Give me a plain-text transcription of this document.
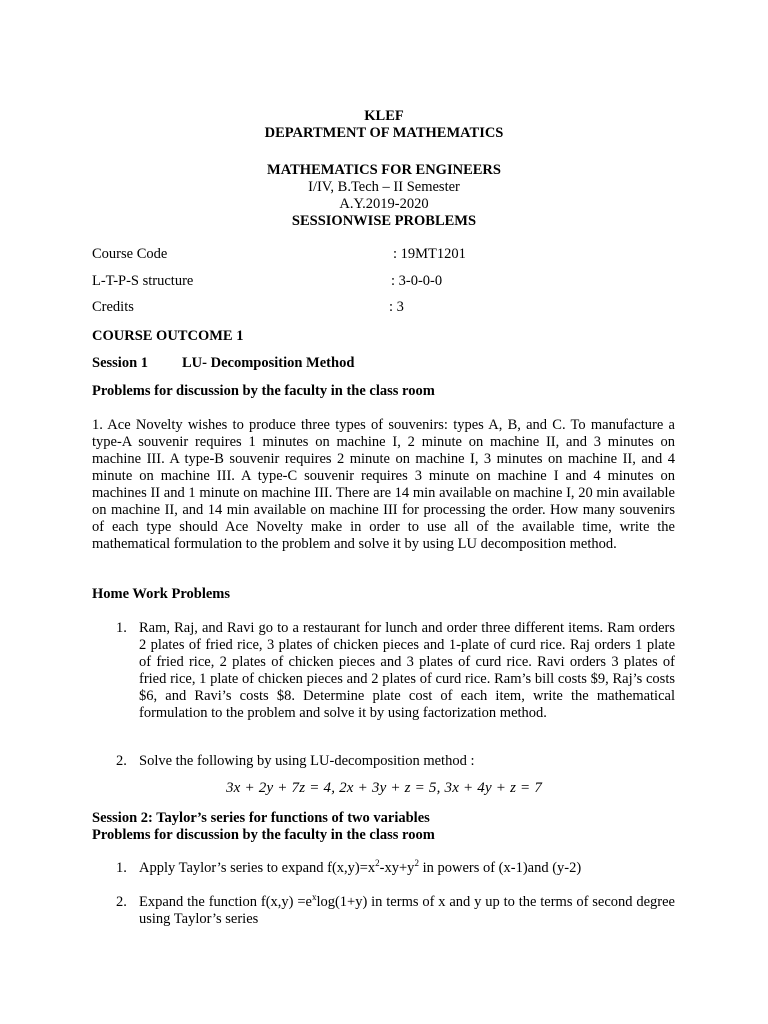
KLEF
DEPARTMENT OF MATHEMATICS
MATHEMATICS FOR ENGINEERS
I/IV, B.Tech – II Semester
A.Y.2019-2020
SESSIONWISE PROBLEMS
Course Code	: 19MT1201
L-T-P-S structure	: 3-0-0-0
Credits	: 3
COURSE OUTCOME 1
Session 1 LU- Decomposition Method
Problems for discussion by the faculty in the class room
1. Ace Novelty wishes to produce three types of souvenirs: types A, B, and C. To manufacture a type-A souvenir requires 1 minutes on machine I, 2 minute on machine II, and 3 minutes on machine III. A type-B souvenir requires 2 minute on machine I, 3 minutes on machine II, and 4 minute on machine III. A type-C souvenir requires 3 minute on machine I and 4 minutes on machines II and 1 minute on machine III. There are 14 min available on machine I, 20 min available on machine II, and 14 min available on machine III for processing the order. How many souvenirs of each type should Ace Novelty make in order to use all of the available time, write the mathematical formulation to the problem and solve it by using LU decomposition method.
Home Work Problems
1. Ram, Raj, and Ravi go to a restaurant for lunch and order three different items. Ram orders 2 plates of fried rice, 3 plates of chicken pieces and 1-plate of curd rice. Raj orders 1 plate of fried rice, 2 plates of chicken pieces and 3 plates of curd rice. Ravi orders 3 plates of fried rice, 1 plate of chicken pieces and 2 plates of curd rice. Ram’s bill costs $9, Raj’s costs $6, and Ravi’s costs $8. Determine plate cost of each item, write the mathematical formulation to the problem and solve it by using factorization method.
2. Solve the following by using LU-decomposition method :
3x + 2y + 7z = 4, 2x + 3y + z = 5, 3x + 4y + z = 7
Session 2: Taylor’s series for functions of two variables
Problems for discussion by the faculty in the class room
1. Apply Taylor’s series to expand $f(x,y)=x^2-xy+y^2$ in powers of (x-1)and (y-2)
2. Expand the function $f(x,y) =e^x\log(1+y)$ in terms of x and y up to the terms of second degree using Taylor’s series
